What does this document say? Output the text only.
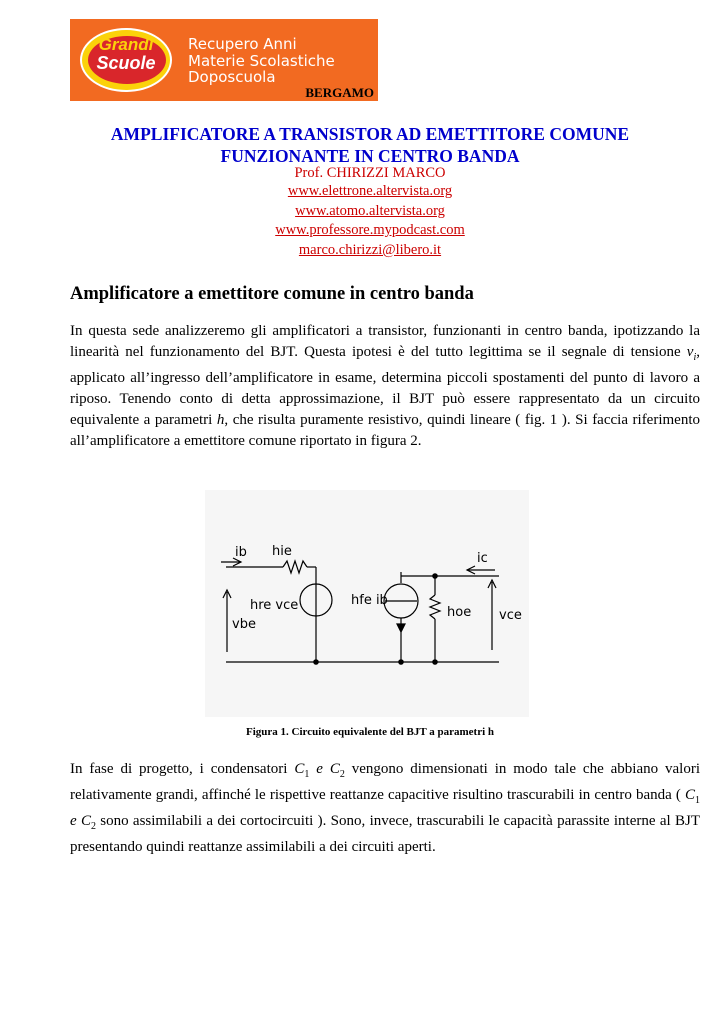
Grandi
Scuole
Recupero Anni
Materie Scolastiche
Doposcuola
BERGAMO
AMPLIFICATORE A TRANSISTOR AD EMETTITORE COMUNE
FUNZIONANTE IN CENTRO BANDA
Prof. CHIRIZZI MARCO
www.elettrone.altervista.org
www.atomo.altervista.org
www.professore.mypodcast.com
marco.chirizzi@libero.it
Amplificatore a emettitore comune in centro banda
In questa sede analizzeremo gli amplificatori a transistor, funzionanti in centro banda, ipotizzando la linearità nel funzionamento del BJT. Questa ipotesi è del tutto legittima se il segnale di tensione $v_i$, applicato all’ingresso dell’amplificatore in esame, determina piccoli spostamenti del punto di lavoro a riposo. Tenendo conto di detta approssimazione, il BJT può essere rappresentato da un circuito equivalente a parametri h, che risulta puramente resistivo, quindi lineare ( fig. 1 ). Si faccia riferimento all’amplificatore a emettitore comune riportato in figura 2.
ib hie
vbe
hre vce	hfe ib
hoe
ic
vce
Figura 1. Circuito equivalente del BJT a parametri h
In fase di progetto, i condensatori $C_1$ e $C_2$ vengono dimensionati in modo tale che abbiano valori relativamente grandi, affinché le rispettive reattanze capacitive risultino trascurabili in centro banda ( $C_1$ e $C_2$ sono assimilabili a dei cortocircuiti ). Sono, invece, trascurabili le capacità parassite interne al BJT presentando quindi reattanze assimilabili a dei circuiti aperti.
